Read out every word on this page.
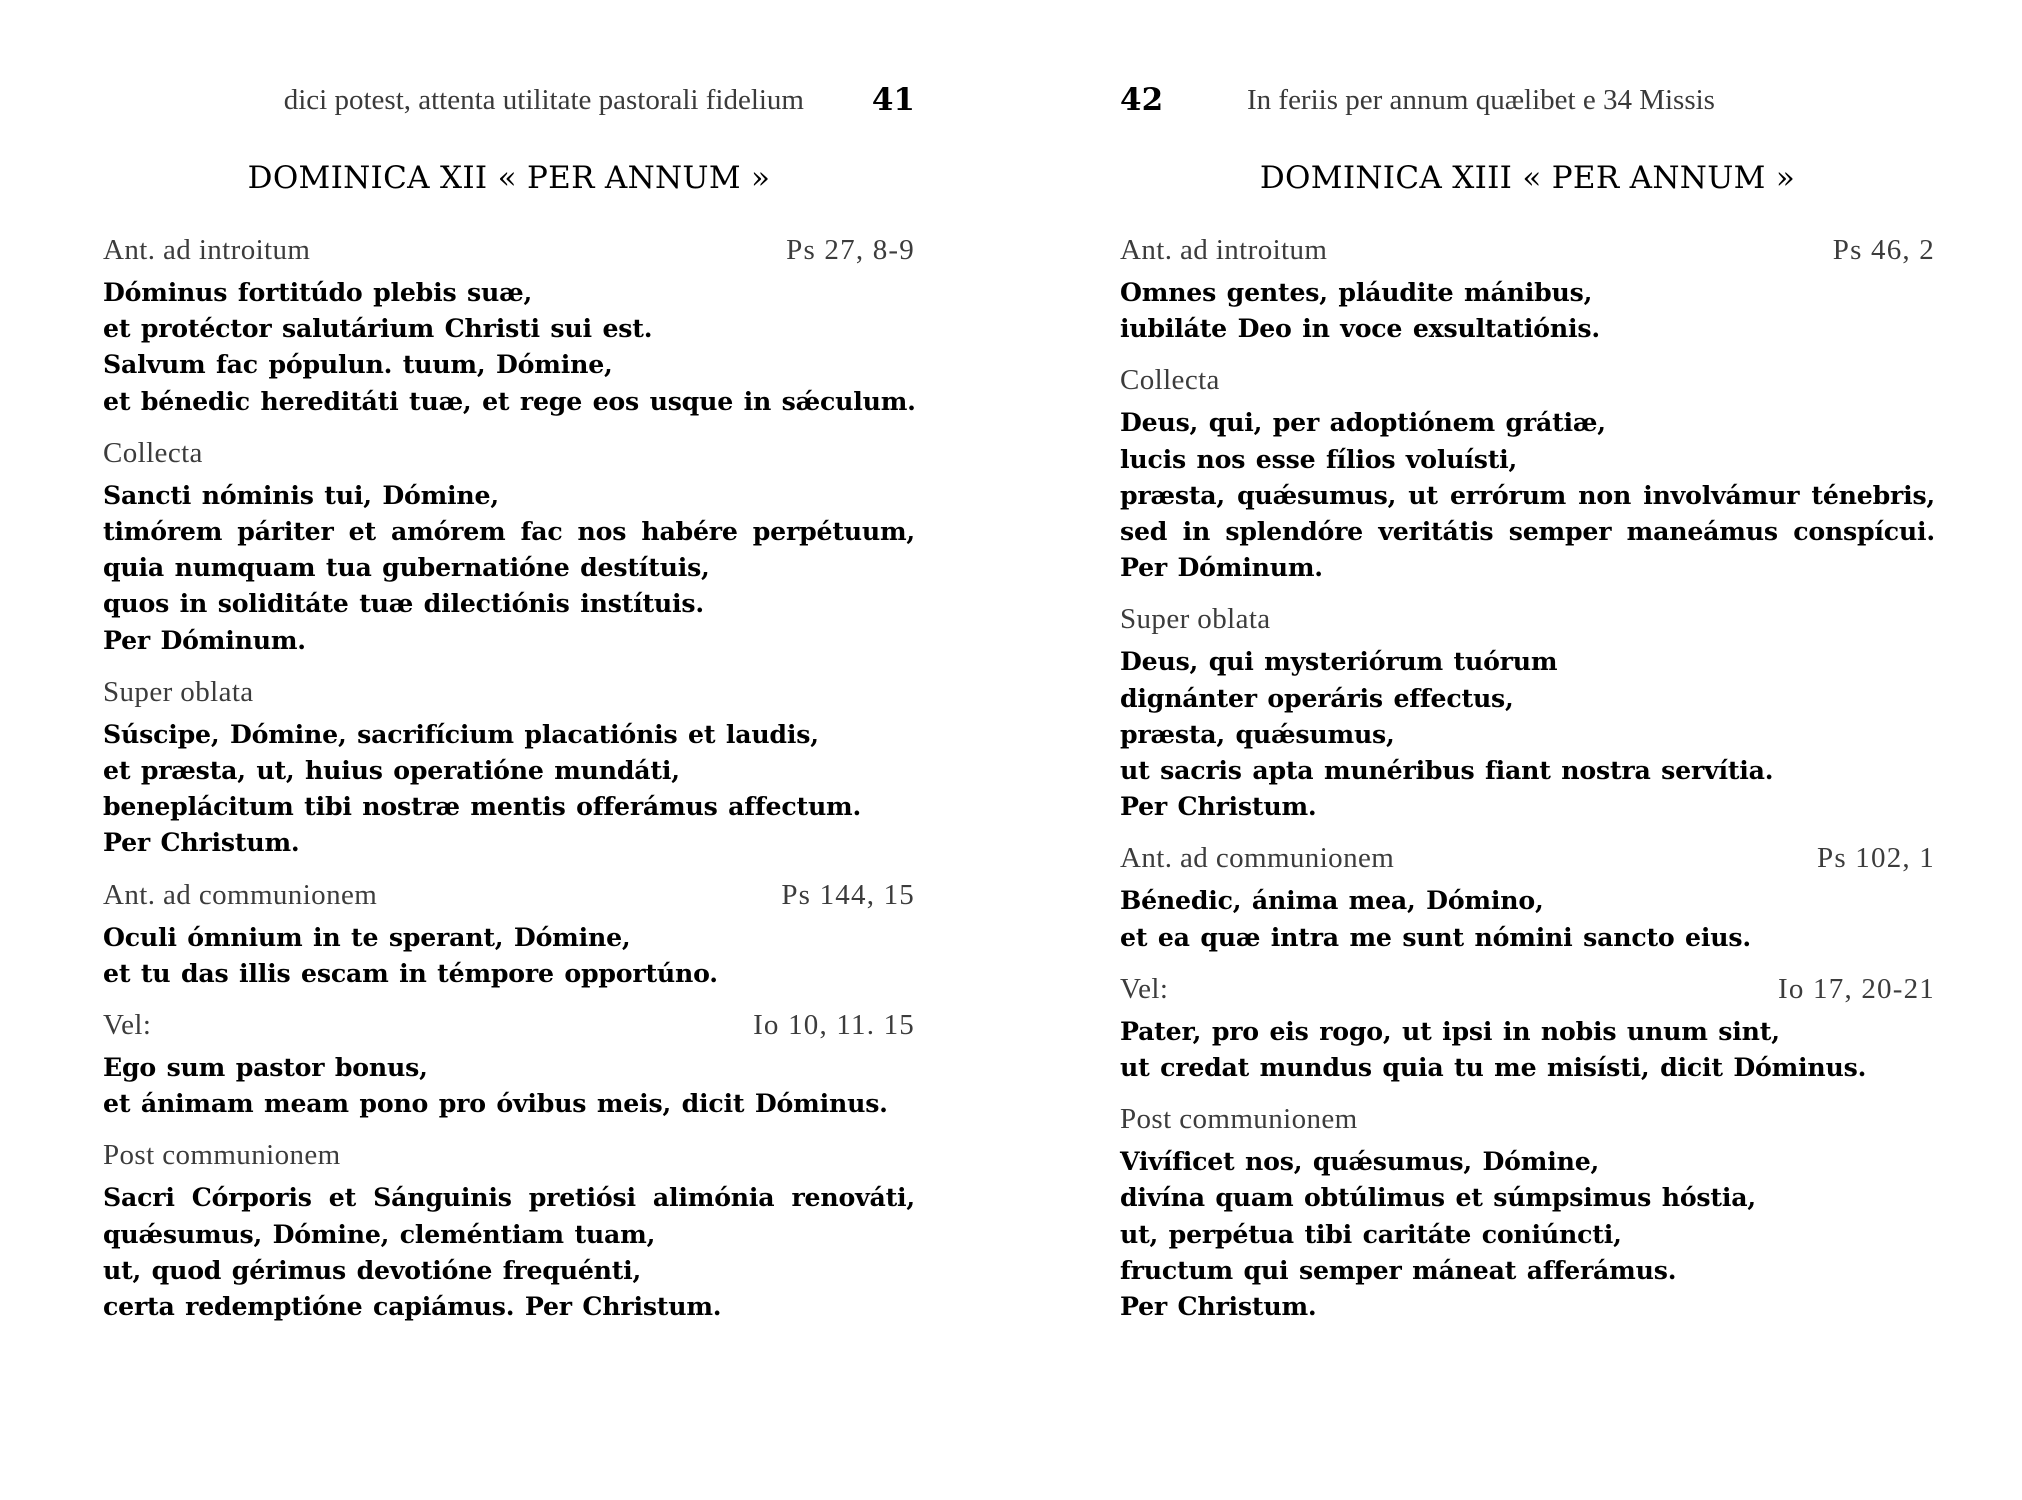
dici potest, attenta utilitate pastorali fidelium 41
DOMINICA XII « PER ANNUM »
Ant. ad introitum	Ps 27, 8-9
Dóminus fortitúdo plebis suæ,
et protéctor salutárium Christi sui est.
Salvum fac pópulun. tuum, Dómine,
et bénedic hereditáti tuæ, et rege eos usque in sǽculum.
Collecta
Sancti nóminis tui, Dómine,
timórem páriter et amórem fac nos habére perpétuum,
quia numquam tua gubernatióne destítuis,
quos in soliditáte tuæ dilectiónis instítuis.
Per Dóminum.
Super oblata
Súscipe, Dómine, sacrifícium placatiónis et laudis,
et præsta, ut, huius operatióne mundáti,
beneplácitum tibi nostræ mentis offerámus affectum.
Per Christum.
Ant. ad communionem	Ps 144, 15
Oculi ómnium in te sperant, Dómine,
et tu das illis escam in témpore opportúno.
Vel:	Io 10, 11. 15
Ego sum pastor bonus,
et ánimam meam pono pro óvibus meis, dicit Dóminus.
Post communionem
Sacri Córporis et Sánguinis pretiósi alimónia renováti,
quǽsumus, Dómine, cleméntiam tuam,
ut, quod gérimus devotióne frequénti,
certa redemptióne capiámus. Per Christum.
42	In feriis per annum quælibet e 34 Missis
DOMINICA XIII « PER ANNUM »
Ant. ad introitum	Ps 46, 2
Omnes gentes, pláudite mánibus,
iubiláte Deo in voce exsultatiónis.
Collecta
Deus, qui, per adoptiónem grátiæ,
lucis nos esse fílios voluísti,
præsta, quǽsumus, ut errórum non involvámur ténebris,
sed in splendóre veritátis semper maneámus conspícui.
Per Dóminum.
Super oblata
Deus, qui mysteriórum tuórum
dignánter operáris effectus,
præsta, quǽsumus,
ut sacris apta munéribus fiant nostra servítia.
Per Christum.
Ant. ad communionem	Ps 102, 1
Bénedic, ánima mea, Dómino,
et ea quæ intra me sunt nómini sancto eius.
Vel:	Io 17, 20-21
Pater, pro eis rogo, ut ipsi in nobis unum sint,
ut credat mundus quia tu me misísti, dicit Dóminus.
Post communionem
Vivíficet nos, quǽsumus, Dómine,
divína quam obtúlimus et súmpsimus hóstia,
ut, perpétua tibi caritáte coniúncti,
fructum qui semper máneat afferámus.
Per Christum.
